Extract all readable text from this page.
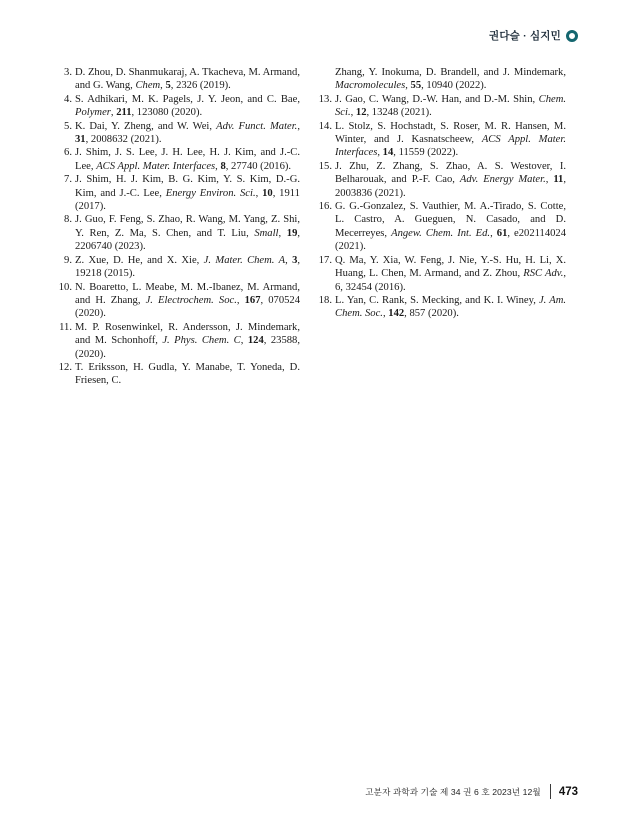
권다슬 · 심지민
3. D. Zhou, D. Shanmukaraj, A. Tkacheva, M. Armand, and G. Wang, Chem, 5, 2326 (2019).
4. S. Adhikari, M. K. Pagels, J. Y. Jeon, and C. Bae, Polymer, 211, 123080 (2020).
5. K. Dai, Y. Zheng, and W. Wei, Adv. Funct. Mater., 31, 2008632 (2021).
6. J. Shim, J. S. Lee, J. H. Lee, H. J. Kim, and J.-C. Lee, ACS Appl. Mater. Interfaces, 8, 27740 (2016).
7. J. Shim, H. J. Kim, B. G. Kim, Y. S. Kim, D.-G. Kim, and J.-C. Lee, Energy Environ. Sci., 10, 1911 (2017).
8. J. Guo, F. Feng, S. Zhao, R. Wang, M. Yang, Z. Shi, Y. Ren, Z. Ma, S. Chen, and T. Liu, Small, 19, 2206740 (2023).
9. Z. Xue, D. He, and X. Xie, J. Mater. Chem. A, 3, 19218 (2015).
10. N. Boaretto, L. Meabe, M. M.-Ibanez, M. Armand, and H. Zhang, J. Electrochem. Soc., 167, 070524 (2020).
11. M. P. Rosenwinkel, R. Andersson, J. Mindemark, and M. Schonhoff, J. Phys. Chem. C, 124, 23588, (2020).
12. T. Eriksson, H. Gudla, Y. Manabe, T. Yoneda, D. Friesen, C.
Zhang, Y. Inokuma, D. Brandell, and J. Mindemark, Macromolecules, 55, 10940 (2022).
13. J. Gao, C. Wang, D.-W. Han, and D.-M. Shin, Chem. Sci., 12, 13248 (2021).
14. L. Stolz, S. Hochstadt, S. Roser, M. R. Hansen, M. Winter, and J. Kasnatscheew, ACS Appl. Mater. Interfaces, 14, 11559 (2022).
15. J. Zhu, Z. Zhang, S. Zhao, A. S. Westover, I. Belharouak, and P.-F. Cao, Adv. Energy Mater., 11, 2003836 (2021).
16. G. G.-Gonzalez, S. Vauthier, M. A.-Tirado, S. Cotte, L. Castro, A. Gueguen, N. Casado, and D. Mecerreyes, Angew. Chem. Int. Ed., 61, e202114024 (2021).
17. Q. Ma, Y. Xia, W. Feng, J. Nie, Y.-S. Hu, H. Li, X. Huang, L. Chen, M. Armand, and Z. Zhou, RSC Adv., 6, 32454 (2016).
18. L. Yan, C. Rank, S. Mecking, and K. I. Winey, J. Am. Chem. Soc., 142, 857 (2020).
고분자 과학과 기술 제 34 권 6 호 2023년 12월 473
